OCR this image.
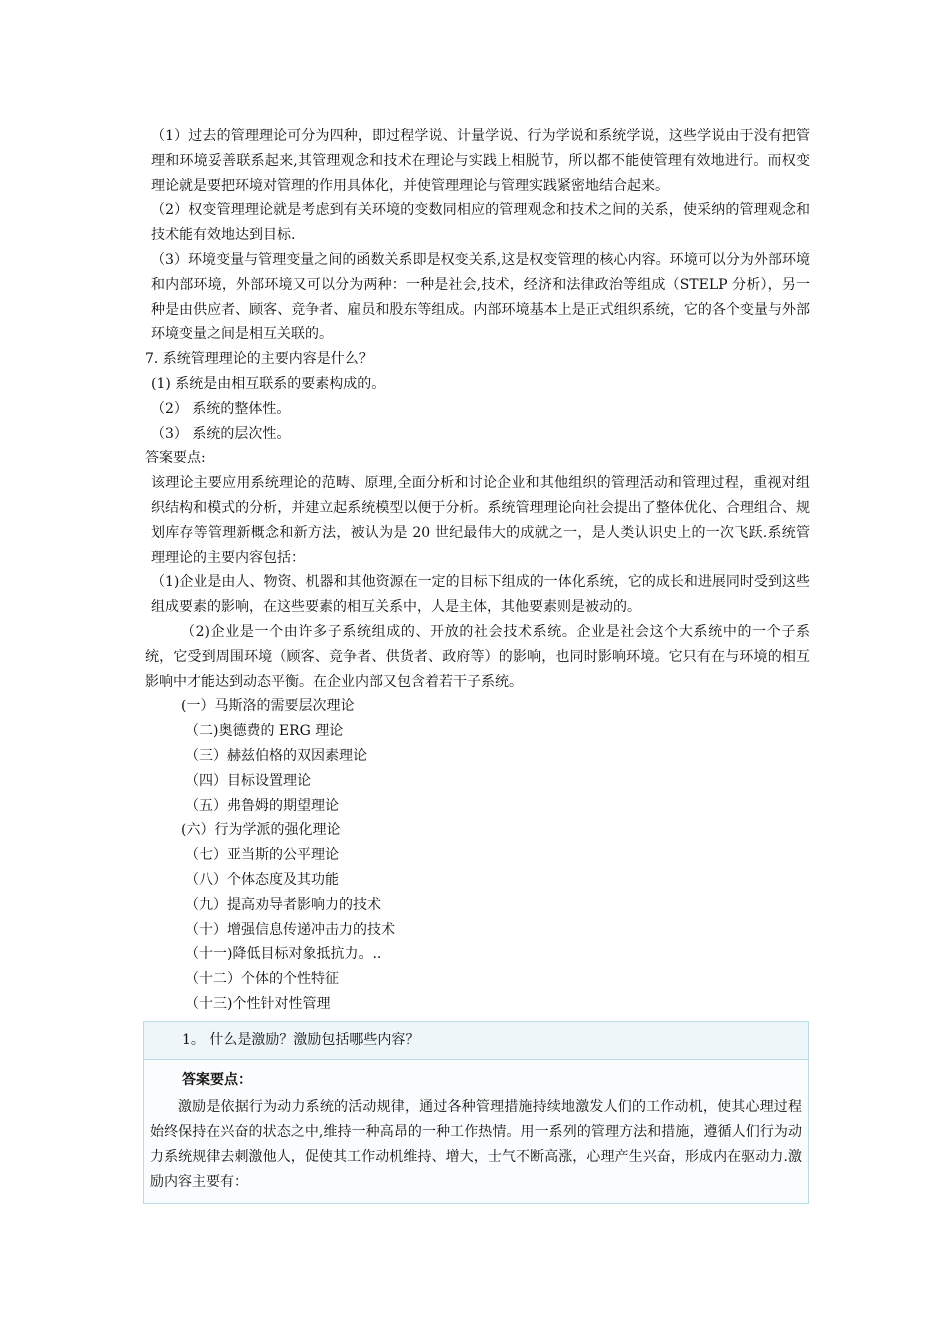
（1）过去的管理理论可分为四种，即过程学说、计量学说、行为学说和系统学说，这些学说由于没有把管理和环境妥善联系起来,其管理观念和技术在理论与实践上相脱节，所以都不能使管理有效地进行。而权变理论就是要把环境对管理的作用具体化，并使管理理论与管理实践紧密地结合起来。
（2）权变管理理论就是考虑到有关环境的变数同相应的管理观念和技术之间的关系，使采纳的管理观念和技术能有效地达到目标.
（3）环境变量与管理变量之间的函数关系即是权变关系,这是权变管理的核心内容。环境可以分为外部环境和内部环境，外部环境又可以分为两种：一种是社会,技术，经济和法律政治等组成（STELP 分析），另一种是由供应者、顾客、竞争者、雇员和股东等组成。内部环境基本上是正式组织系统，它的各个变量与外部环境变量之间是相互关联的。
7. 系统管理理论的主要内容是什么？
(1) 系统是由相互联系的要素构成的。
（2） 系统的整体性。
（3） 系统的层次性。
答案要点:
该理论主要应用系统理论的范畴、原理,全面分析和讨论企业和其他组织的管理活动和管理过程，重视对组织结构和模式的分析，并建立起系统模型以便于分析。系统管理理论向社会提出了整体优化、合理组合、规划库存等管理新概念和新方法，被认为是 20 世纪最伟大的成就之一，是人类认识史上的一次飞跃.系统管理理论的主要内容包括：
（1)企业是由人、物资、机器和其他资源在一定的目标下组成的一体化系统，它的成长和进展同时受到这些组成要素的影响，在这些要素的相互关系中，人是主体，其他要素则是被动的。
（2)企业是一个由许多子系统组成的、开放的社会技术系统。企业是社会这个大系统中的一个子系统，它受到周围环境（顾客、竞争者、供货者、政府等）的影响，也同时影响环境。它只有在与环境的相互影响中才能达到动态平衡。在企业内部又包含着若干子系统。
(一）马斯洛的需要层次理论
（二)奥德费的 ERG 理论
（三）赫兹伯格的双因素理论
（四）目标设置理论
（五）弗鲁姆的期望理论
(六）行为学派的强化理论
（七）亚当斯的公平理论
（八）个体态度及其功能
（九）提高劝导者影响力的技术
（十）增强信息传递冲击力的技术
（十一)降低目标对象抵抗力。..
（十二）个体的个性特征
（十三)个性针对性管理
1。 什么是激励？激励包括哪些内容？
答案要点：
激励是依据行为动力系统的活动规律，通过各种管理措施持续地激发人们的工作动机，使其心理过程始终保持在兴奋的状态之中,维持一种高昂的一种工作热情。用一系列的管理方法和措施，遵循人们行为动力系统规律去刺激他人，促使其工作动机维持、增大，士气不断高涨，心理产生兴奋，形成内在驱动力.激励内容主要有：
